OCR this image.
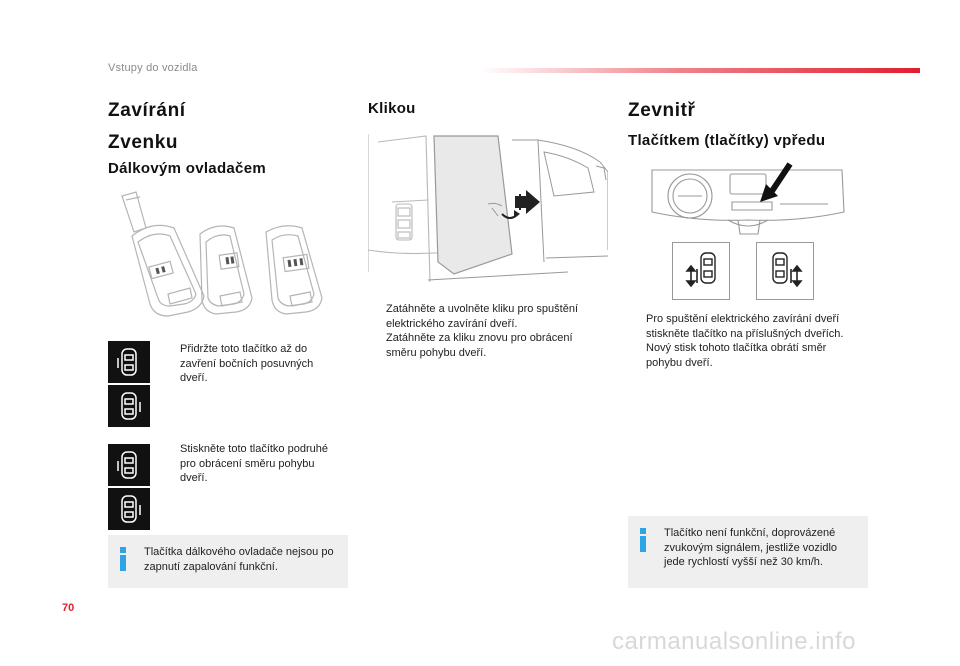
Vstupy do vozidla
Zavírání
Zvenku
Dálkovým ovladačem
Přidržte toto tlačítko až do zavření bočních posuvných dveří.
Stiskněte toto tlačítko podruhé pro obrácení směru pohybu dveří.
Tlačítka dálkového ovladače nejsou po zapnutí zapalování funkční.
Klikou
Zatáhněte a uvolněte kliku pro spuštění elektrického zavírání dveří.
Zatáhněte za kliku znovu pro obrácení směru pohybu dveří.
Zevnitř
Tlačítkem (tlačítky) vpředu
Pro spuštění elektrického zavírání dveří stiskněte tlačítko na příslušných dveřích.
Nový stisk tohoto tlačítka obrátí směr pohybu dveří.
Tlačítko není funkční, doprovázené zvukovým signálem, jestliže vozidlo jede rychlostí vyšší než 30 km/h.
70
carmanualsonline.info
